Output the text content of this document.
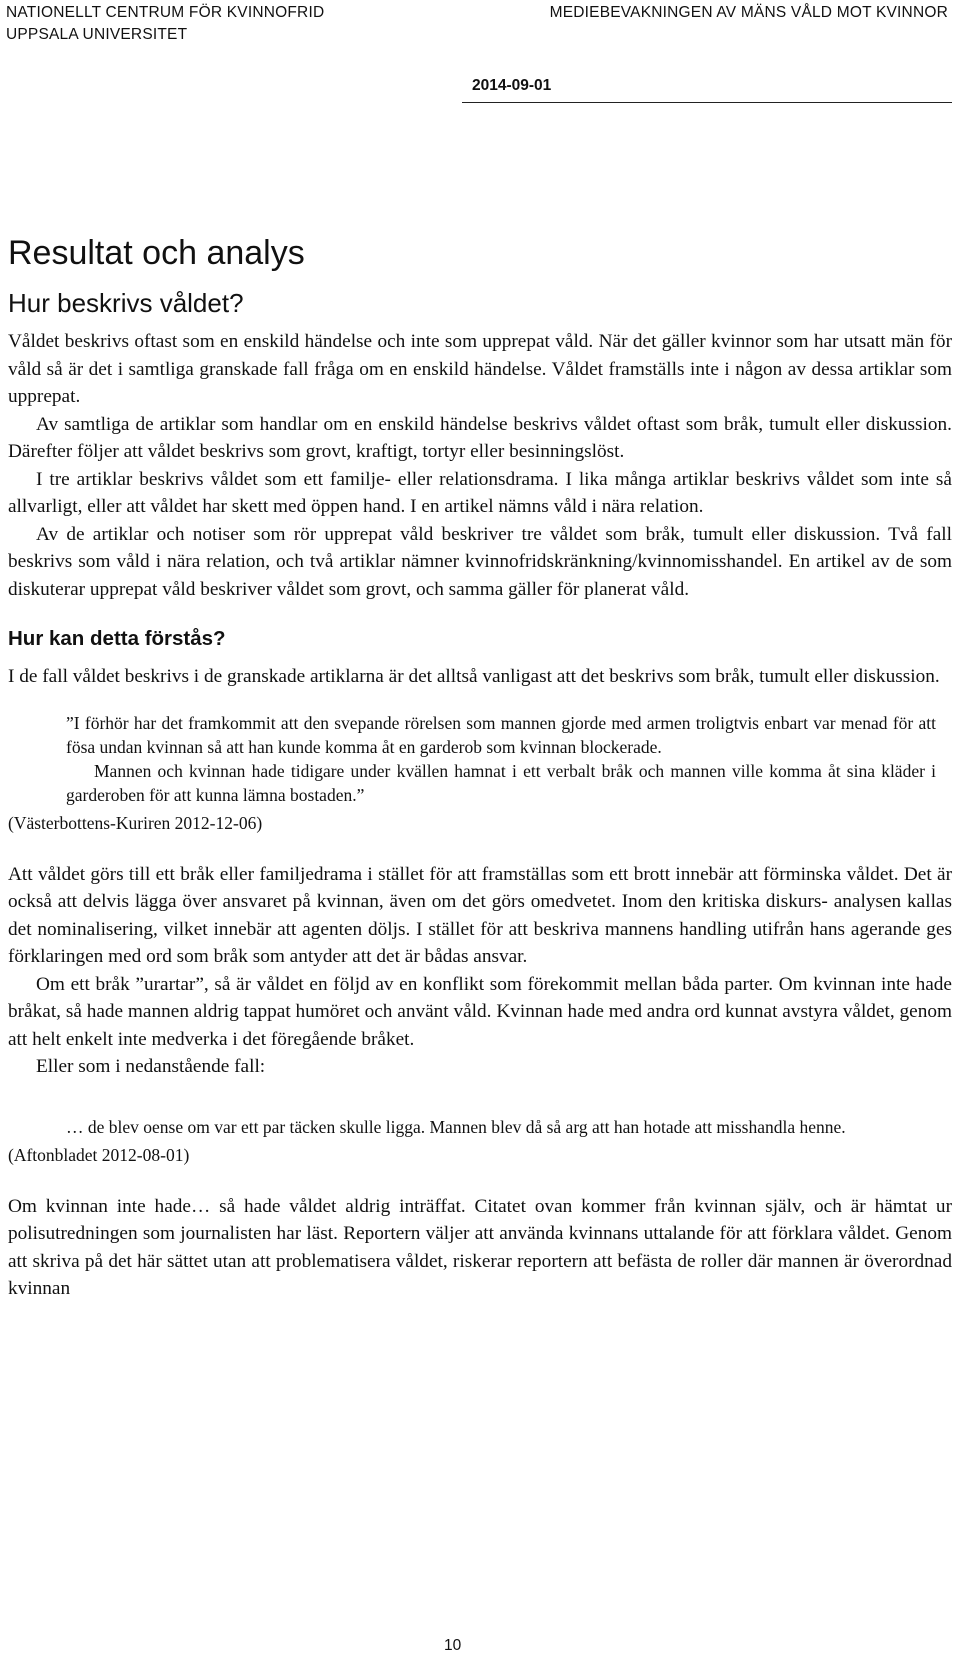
NATIONELLT CENTRUM FÖR KVINNOFRID
UPPSALA UNIVERSITET
MEDIEBEVAKNINGEN AV MÄNS VÅLD MOT KVINNOR
2014-09-01
Resultat och analys
Hur beskrivs våldet?

Våldet beskrivs oftast som en enskild händelse och inte som upprepat våld. När det gäller kvinnor som har utsatt män för våld så är det i samtliga granskade fall fråga om en enskild händelse. Våldet framställs inte i någon av dessa artiklar som upprepat.

Av samtliga de artiklar som handlar om en enskild händelse beskrivs våldet oftast som bråk, tumult eller diskussion. Därefter följer att våldet beskrivs som grovt, kraftigt, tortyr eller besinningslöst.

I tre artiklar beskrivs våldet som ett familje- eller relationsdrama. I lika många artiklar beskrivs våldet som inte så allvarligt, eller att våldet har skett med öppen hand. I en artikel nämns våld i nära relation.

Av de artiklar och notiser som rör upprepat våld beskriver tre våldet som bråk, tumult eller diskussion. Två fall beskrivs som våld i nära relation, och två artiklar nämner kvinnofridskränkning/kvinnomisshandel. En artikel av de som diskuterar upprepat våld beskriver våldet som grovt, och samma gäller för planerat våld.

Hur kan detta förstås?

I de fall våldet beskrivs i de granskade artiklarna är det alltså vanligast att det beskrivs som bråk, tumult eller diskussion.

”I förhör har det framkommit att den svepande rörelsen som mannen gjorde med armen troligtvis enbart var menad för att fösa undan kvinnan så att han kunde komma åt en garderob som kvinnan blockerade.

Mannen och kvinnan hade tidigare under kvällen hamnat i ett verbalt bråk och mannen ville komma åt sina kläder i garderoben för att kunna lämna bostaden.”

(Västerbottens-Kuriren 2012-12-06)

Att våldet görs till ett bråk eller familjedrama i stället för att framställas som ett brott innebär att förminska våldet. Det är också att delvis lägga över ansvaret på kvinnan, även om det görs omedvetet. Inom den kritiska diskurs- analysen kallas det nominalisering, vilket innebär att agenten döljs. I stället för att beskriva mannens handling utifrån hans agerande ges förklaringen med ord som bråk som antyder att det är bådas ansvar.

Om ett bråk ”urartar”, så är våldet en följd av en konflikt som förekommit mellan båda parter. Om kvinnan inte hade bråkat, så hade mannen aldrig tappat humöret och använt våld. Kvinnan hade med andra ord kunnat avstyra våldet, genom att helt enkelt inte medverka i det föregående bråket.

Eller som i nedanstående fall:

… de blev oense om var ett par täcken skulle ligga. Mannen blev då så arg att han hotade att misshandla henne.

(Aftonbladet 2012-08-01)

Om kvinnan inte hade… så hade våldet aldrig inträffat. Citatet ovan kommer från kvinnan själv, och är hämtat ur polisutredningen som journalisten har läst. Reportern väljer att använda kvinnans uttalande för att förklara våldet. Genom att skriva på det här sättet utan att problematisera våldet, riskerar reportern att befästa de roller där mannen är överordnad kvinnan

10
